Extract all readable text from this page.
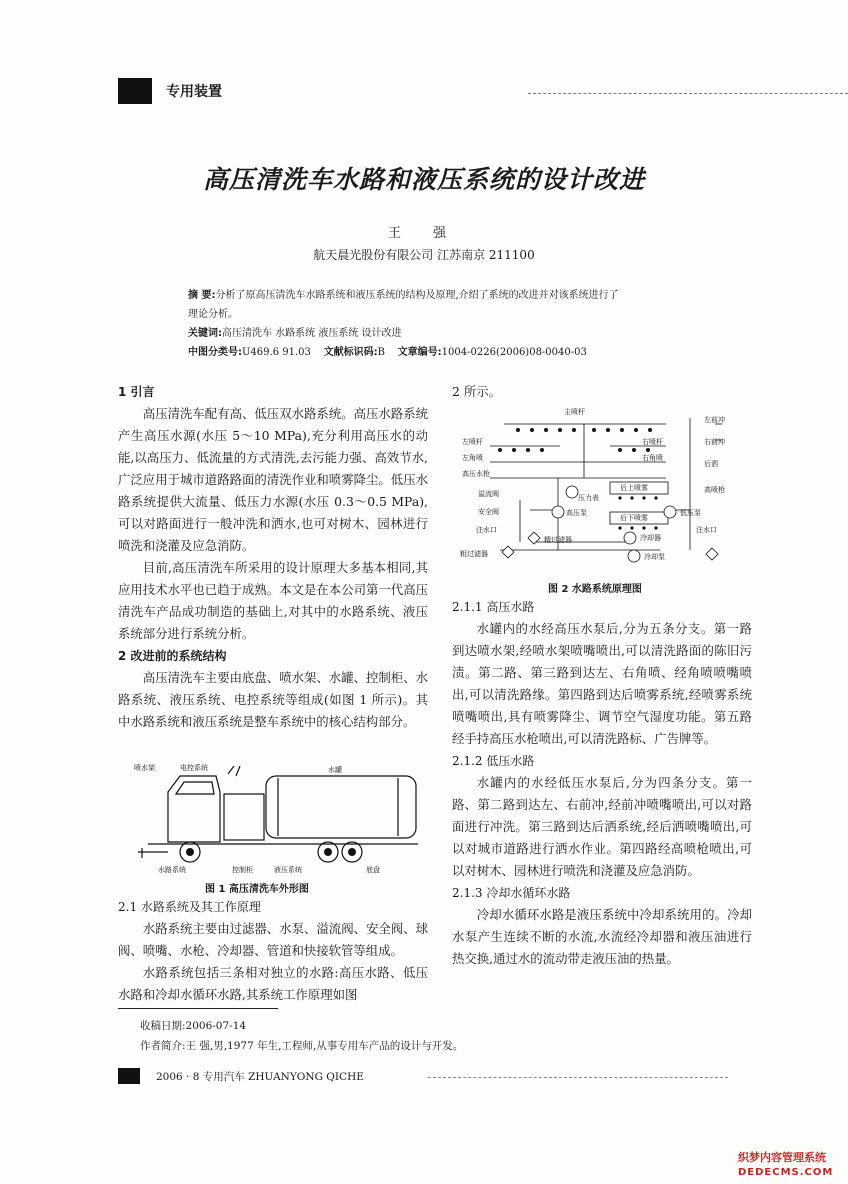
专用装置
高压清洗车水路和液压系统的设计改进
王 强
航天晨光股份有限公司 江苏南京 211100
摘 要:分析了原高压清洗车水路系统和液压系统的结构及原理,介绍了系统的改进并对该系统进行了
理论分析。
关键词:高压清洗车 水路系统 液压系统 设计改进
中图分类号:U469.6 91.03 文献标识码:B 文章编号:1004-0226(2006)08-0040-03
1 引言

高压清洗车配有高、低压双水路系统。高压水路系统产生高压水源(水压 5～10 MPa),充分利用高压水的动能,以高压力、低流量的方式清洗,去污能力强、高效节水,广泛应用于城市道路路面的清洗作业和喷雾降尘。低压水路系统提供大流量、低压力水源(水压 0.3～0.5 MPa),可以对路面进行一般冲洗和洒水,也可对树木、园林进行喷洗和浇灌及应急消防。

目前,高压清洗车所采用的设计原理大多基本相同,其应用技术水平也已趋于成熟。本文是在本公司第一代高压清洗车产品成功制造的基础上,对其中的水路系统、液压系统部分进行系统分析。

2 改进前的系统结构

高压清洗车主要由底盘、喷水架、水罐、控制柜、水路系统、液压系统、电控系统等组成(如图 1 所示)。其中水路系统和液压系统是整车系统中的核心结构部分。

喷水架	电控系统	水罐
水路系统	控制柜	液压系统	底盘
图 1 高压清洗车外形图
2.1 水路系统及其工作原理

水路系统主要由过滤器、水泵、溢流阀、安全阀、球阀、喷嘴、水枪、冷却器、管道和快接软管等组成。

水路系统包括三条相对独立的水路:高压水路、低压水路和冷却水循环水路,其系统工作原理如图

2 所示。
主喷杆
左喷杆	右喷杆
左角喷	右角喷
高压水枪
左前冲
右前冲
后洒
高喷枪
溢流阀
安全阀
压力表
后上喷雾
后下喷雾
高压泵	低压泵
注水口	注水口
精过滤器
粗过滤器
冷却器
冷却泵
图 2 水路系统原理图
2.1.1 高压水路

水罐内的水经高压水泵后,分为五条分支。第一路到达喷水架,经喷水架喷嘴喷出,可以清洗路面的陈旧污渍。第二路、第三路到达左、右角喷、经角喷喷嘴喷出,可以清洗路缘。第四路到达后喷雾系统,经喷雾系统喷嘴喷出,具有喷雾降尘、调节空气湿度功能。第五路经手持高压水枪喷出,可以清洗路标、广告牌等。

2.1.2 低压水路

水罐内的水经低压水泵后,分为四条分支。第一路、第二路到达左、右前冲,经前冲喷嘴喷出,可以对路面进行冲洗。第三路到达后洒系统,经后洒喷嘴喷出,可以对城市道路进行洒水作业。第四路经高喷枪喷出,可以对树木、园林进行喷洗和浇灌及应急消防。

2.1.3 冷却水循环水路

冷却水循环水路是液压系统中冷却系统用的。冷却水泵产生连续不断的水流,水流经冷却器和液压油进行热交换,通过水的流动带走液压油的热量。

收稿日期:2006-07-14
作者简介:王 强,男,1977 年生,工程师,从事专用车产品的设计与开发。
2006 · 8 专用汽车 ZHUANYONG QICHE
织梦内容管理系统
DEDECMS.COM
